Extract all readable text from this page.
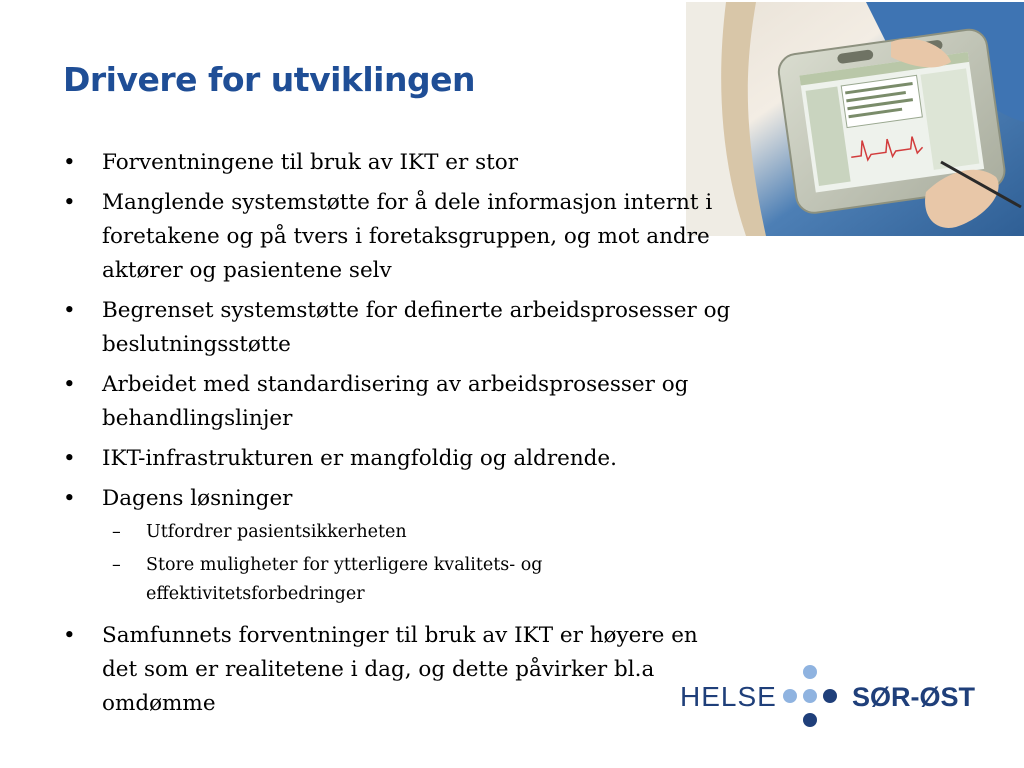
Drivere for utviklingen
• Forventningene til bruk av IKT er stor
• Manglende systemstøtte for å dele informasjon internt i foretakene og på tvers i foretaksgruppen, og mot andre aktører og pasientene selv
• Begrenset systemstøtte for definerte arbeidsprosesser og beslutningsstøtte
• Arbeidet med standardisering av arbeidsprosesser og behandlingslinjer
• IKT-infrastrukturen er mangfoldig og aldrende.
• Dagens løsninger
– Utfordrer pasientsikkerheten
– Store muligheter for ytterligere kvalitets- og effektivitetsforbedringer
• Samfunnets forventninger til bruk av IKT er høyere en det som er realitetene i dag, og dette påvirker bl.a omdømme	HELSE	SØR-ØST
